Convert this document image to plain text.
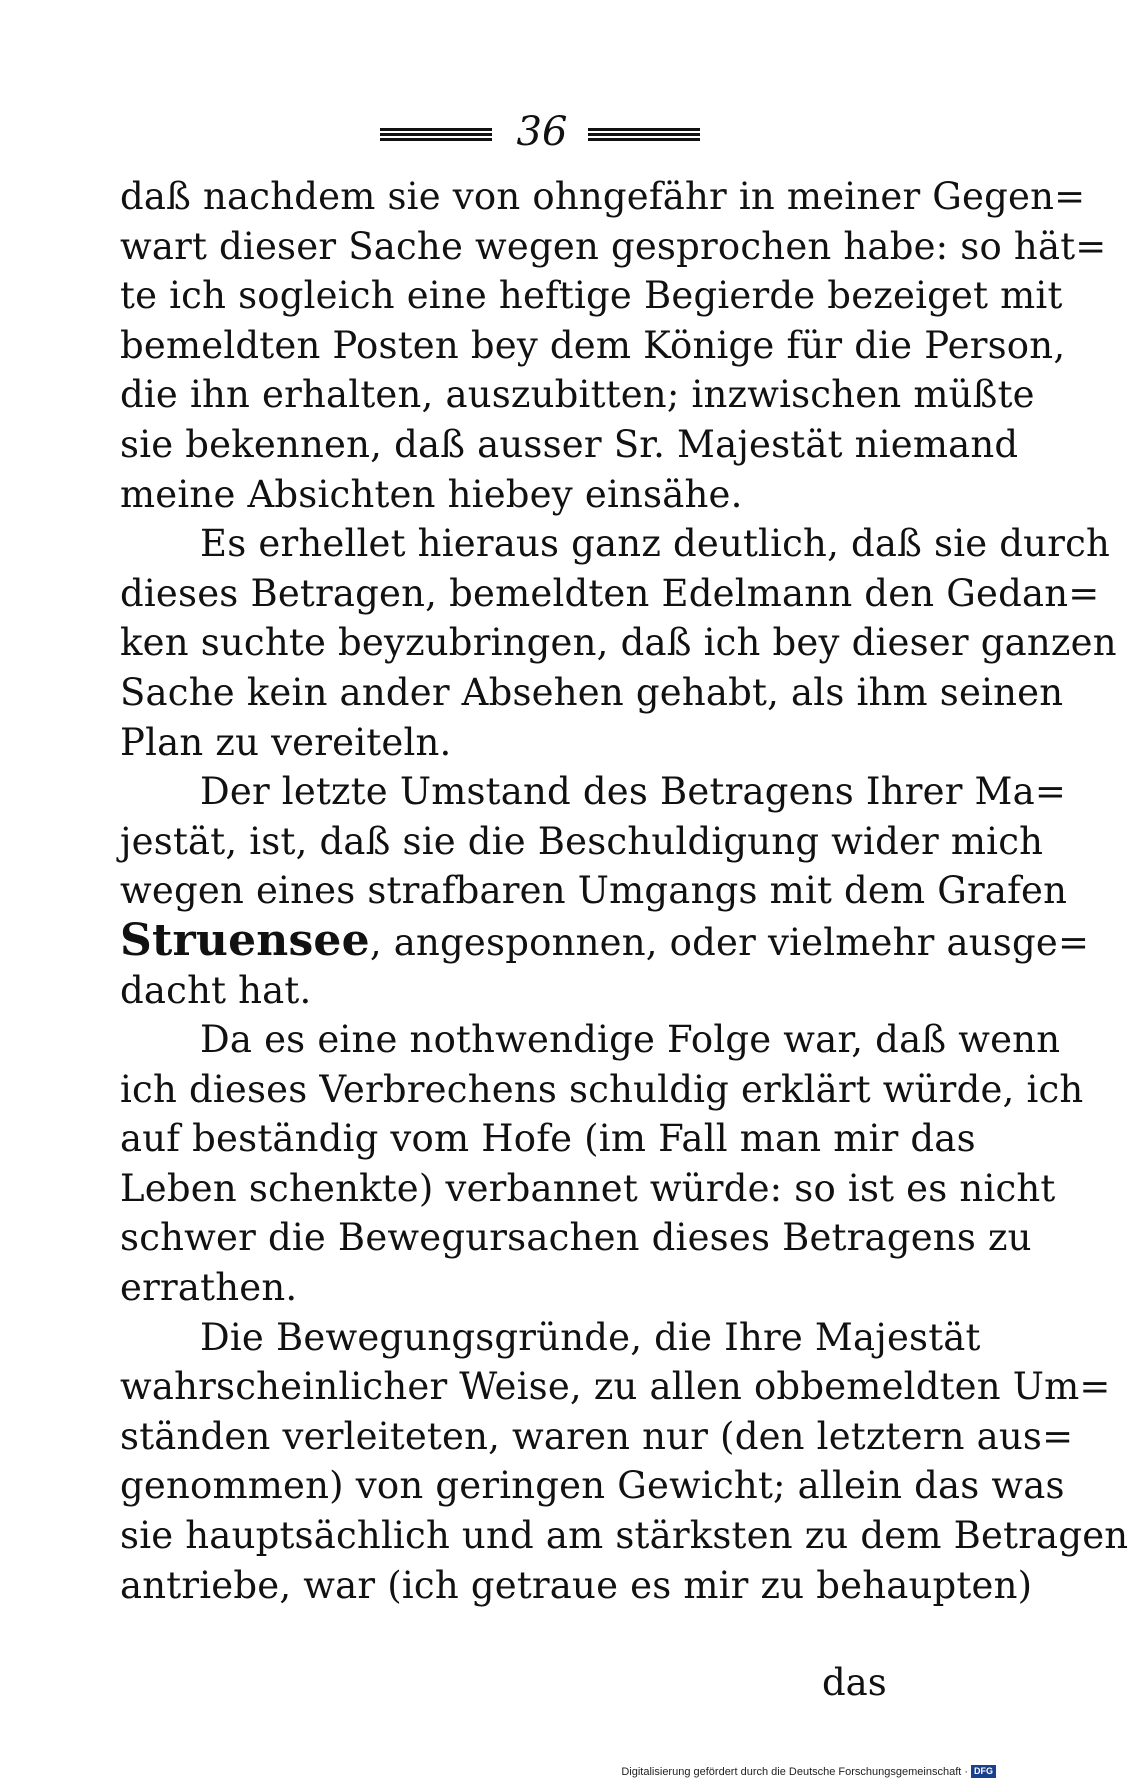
36
daß nachdem sie von ohngefähr in meiner Gegen=
wart dieser Sache wegen gesprochen habe: so hät=
te ich sogleich eine heftige Begierde bezeiget mit
bemeldten Posten bey dem Könige für die Person,
die ihn erhalten, auszubitten; inzwischen müßte
sie bekennen, daß ausser Sr. Majestät niemand
meine Absichten hiebey einsähe.
Es erhellet hieraus ganz deutlich, daß sie durch
dieses Betragen, bemeldten Edelmann den Gedan=
ken suchte beyzubringen, daß ich bey dieser ganzen
Sache kein ander Absehen gehabt, als ihm seinen
Plan zu vereiteln.
Der letzte Umstand des Betragens Ihrer Ma=
jestät, ist, daß sie die Beschuldigung wider mich
wegen eines strafbaren Umgangs mit dem Grafen
Struensee, angesponnen, oder vielmehr ausge=
dacht hat.
Da es eine nothwendige Folge war, daß wenn
ich dieses Verbrechens schuldig erklärt würde, ich
auf beständig vom Hofe (im Fall man mir das
Leben schenkte) verbannet würde: so ist es nicht
schwer die Bewegursachen dieses Betragens zu
errathen.
Die Bewegungsgründe, die Ihre Majestät
wahrscheinlicher Weise, zu allen obbemeldten Um=
ständen verleiteten, waren nur (den letztern aus=
genommen) von geringen Gewicht; allein das was
sie hauptsächlich und am stärksten zu dem Betragen
antriebe, war (ich getraue es mir zu behaupten)
das
Digitalisierung gefördert durch die Deutsche Forschungsgemeinschaft · DFG
